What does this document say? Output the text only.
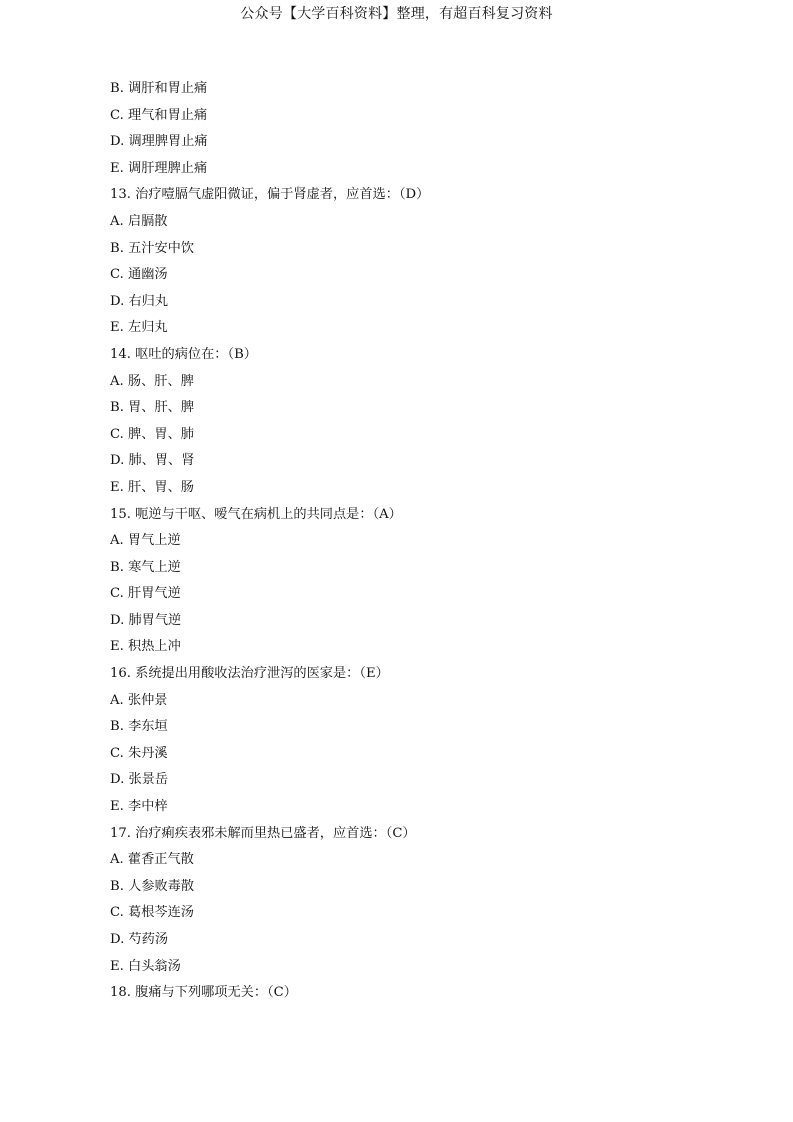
公众号【大学百科资料】整理，有超百科复习资料
B. 调肝和胃止痛
C. 理气和胃止痛
D. 调理脾胃止痛
E. 调肝理脾止痛
13. 治疗噎膈气虚阳微证，偏于肾虚者，应首选：（D）
A. 启膈散
B. 五汁安中饮
C. 通幽汤
D. 右归丸
E. 左归丸
14. 呕吐的病位在：（B）
A. 肠、肝、脾
B. 胃、肝、脾
C. 脾、胃、肺
D. 肺、胃、肾
E. 肝、胃、肠
15. 呃逆与干呕、嗳气在病机上的共同点是：（A）
A. 胃气上逆
B. 寒气上逆
C. 肝胃气逆
D. 肺胃气逆
E. 积热上冲
16. 系统提出用酸收法治疗泄泻的医家是：（E）
A. 张仲景
B. 李东垣
C. 朱丹溪
D. 张景岳
E. 李中梓
17. 治疗痢疾表邪未解而里热已盛者，应首选：（C）
A. 藿香正气散
B. 人参败毒散
C. 葛根芩连汤
D. 芍药汤
E. 白头翁汤
18. 腹痛与下列哪项无关：（C）
